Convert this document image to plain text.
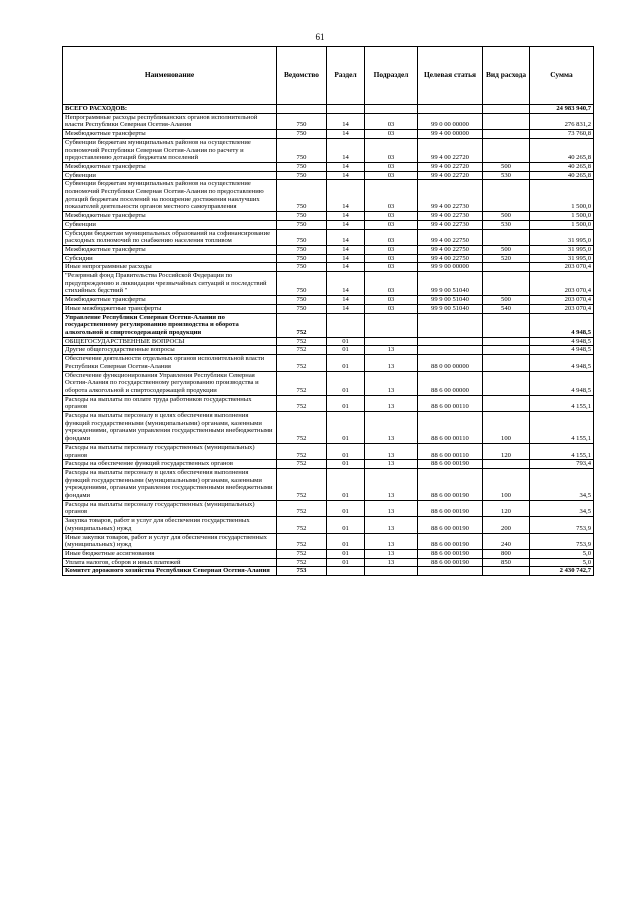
61
Наименование	Ведомство	Раздел	Подраздел	Целевая статья	Вид расхода	Сумма
ВСЕГО РАСХОДОВ:						24 983 940,7
Непрограммные расходы республиканских органов исполнительной власти Республики Северная Осетия-Алания	750	14	03	99 0 00 00000		276 831,2
Межбюджетные трансферты	750	14	03	99 4 00 00000		73 760,8
Субвенции бюджетам муниципальных районов на осуществление полномочий Республики Северная Осетия-Алания по расчету и предоставлению дотаций бюджетам поселений	750	14	03	99 4 00 22720		40 265,8
Межбюджетные трансферты	750	14	03	99 4 00 22720	500	40 265,8
Субвенции	750	14	03	99 4 00 22720	530	40 265,8
Субвенции бюджетам муниципальных районов на осуществление полномочий Республики Северная Осетия-Алания по предоставлению дотаций бюджетам поселений на поощрение достижения наилучших показателей деятельности органов местного самоуправления	750	14	03	99 4 00 22730		1 500,0
Межбюджетные трансферты	750	14	03	99 4 00 22730	500	1 500,0
Субвенции	750	14	03	99 4 00 22730	530	1 500,0
Субсидии бюджетам муниципальных образований на софинансирование расходных полномочий по снабжению населения топливом	750	14	03	99 4 00 22750		31 995,0
Межбюджетные трансферты	750	14	03	99 4 00 22750	500	31 995,0
Субсидии	750	14	03	99 4 00 22750	520	31 995,0
Иные непрограммные расходы	750	14	03	99 9 00 00000		203 070,4
"Резервный фонд Правительства Российской Федерации по предупреждению и ликвидации чрезвычайных ситуаций и последствий стихийных бедствий "	750	14	03	99 9 00 51040		203 070,4
Межбюджетные трансферты	750	14	03	99 9 00 51040	500	203 070,4
Иные межбюджетные трансферты	750	14	03	99 9 00 51040	540	203 070,4
Управление Республики Северная Осетия-Алания по государственному регулированию производства и оборота алкогольной и спиртосодержащей продукции	752					4 948,5
ОБЩЕГОСУДАРСТВЕННЫЕ ВОПРОСЫ	752	01				4 948,5
Другие общегосударственные вопросы	752	01	13			4 948,5
Обеспечение деятельности отдельных органов исполнительной власти Республики Северная Осетия-Алания	752	01	13	88 0 00 00000		4 948,5
Обеспечение функционирования Управления Республики Северная Осетия-Алания по государственному регулированию производства и оборота алкогольной и спиртосодержащей продукции	752	01	13	88 6 00 00000		4 948,5
Расходы на выплаты по оплате труда работников государственных органов	752	01	13	88 6 00 00110		4 155,1
Расходы на выплаты персоналу в целях обеспечения выполнения функций государственными (муниципальными) органами, казенными учреждениями, органами управления государственными внебюджетными фондами	752	01	13	88 6 00 00110	100	4 155,1
Расходы на выплаты персоналу государственных (муниципальных) органов	752	01	13	88 6 00 00110	120	4 155,1
Расходы на обеспечение функций государственных органов	752	01	13	88 6 00 00190		793,4
Расходы на выплаты персоналу в целях обеспечения выполнения функций государственными (муниципальными) органами, казенными учреждениями, органами управления государственными внебюджетными фондами	752	01	13	88 6 00 00190	100	34,5
Расходы на выплаты персоналу государственных (муниципальных) органов	752	01	13	88 6 00 00190	120	34,5
Закупка товаров, работ и услуг для обеспечения государственных (муниципальных) нужд	752	01	13	88 6 00 00190	200	753,9
Иные закупки товаров, работ и услуг для обеспечения государственных (муниципальных) нужд	752	01	13	88 6 00 00190	240	753,9
Иные бюджетные ассигнования	752	01	13	88 6 00 00190	800	5,0
Уплата налогов, сборов и иных платежей	752	01	13	88 6 00 00190	850	5,0
Комитет дорожного хозяйства Республики Северная Осетия-Алания	753					2 430 742,7
